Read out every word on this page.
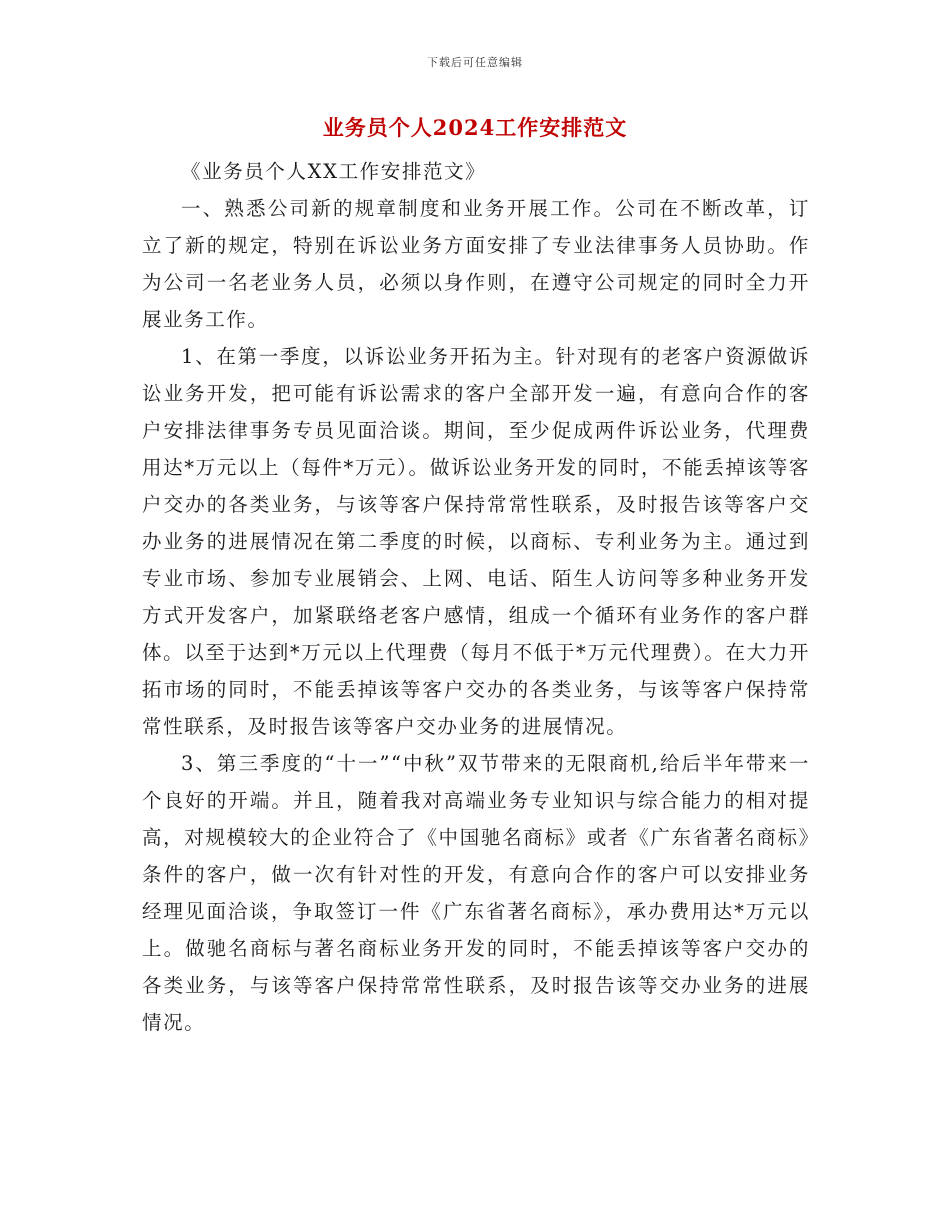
下载后可任意编辑
业务员个人2024工作安排范文

《业务员个人XX工作安排范文》

一、熟悉公司新的规章制度和业务开展工作。公司在不断改革，订立了新的规定，特别在诉讼业务方面安排了专业法律事务人员协助。作为公司一名老业务人员，必须以身作则，在遵守公司规定的同时全力开展业务工作。

1、在第一季度，以诉讼业务开拓为主。针对现有的老客户资源做诉讼业务开发，把可能有诉讼需求的客户全部开发一遍，有意向合作的客户安排法律事务专员见面洽谈。期间，至少促成两件诉讼业务，代理费用达*万元以上（每件*万元）。做诉讼业务开发的同时，不能丢掉该等客户交办的各类业务，与该等客户保持常常性联系，及时报告该等客户交办业务的进展情况在第二季度的时候，以商标、专利业务为主。通过到专业市场、参加专业展销会、上网、电话、陌生人访问等多种业务开发方式开发客户，加紧联络老客户感情，组成一个循环有业务作的客户群体。以至于达到*万元以上代理费（每月不低于*万元代理费）。在大力开拓市场的同时，不能丢掉该等客户交办的各类业务，与该等客户保持常常性联系，及时报告该等客户交办业务的进展情况。

3、第三季度的“十一”“中秋”双节带来的无限商机,给后半年带来一个良好的开端。并且，随着我对高端业务专业知识与综合能力的相对提高，对规模较大的企业符合了《中国驰名商标》或者《广东省著名商标》条件的客户，做一次有针对性的开发，有意向合作的客户可以安排业务经理见面洽谈，争取签订一件《广东省著名商标》，承办费用达*万元以上。做驰名商标与著名商标业务开发的同时，不能丢掉该等客户交办的各类业务，与该等客户保持常常性联系，及时报告该等交办业务的进展情况。
